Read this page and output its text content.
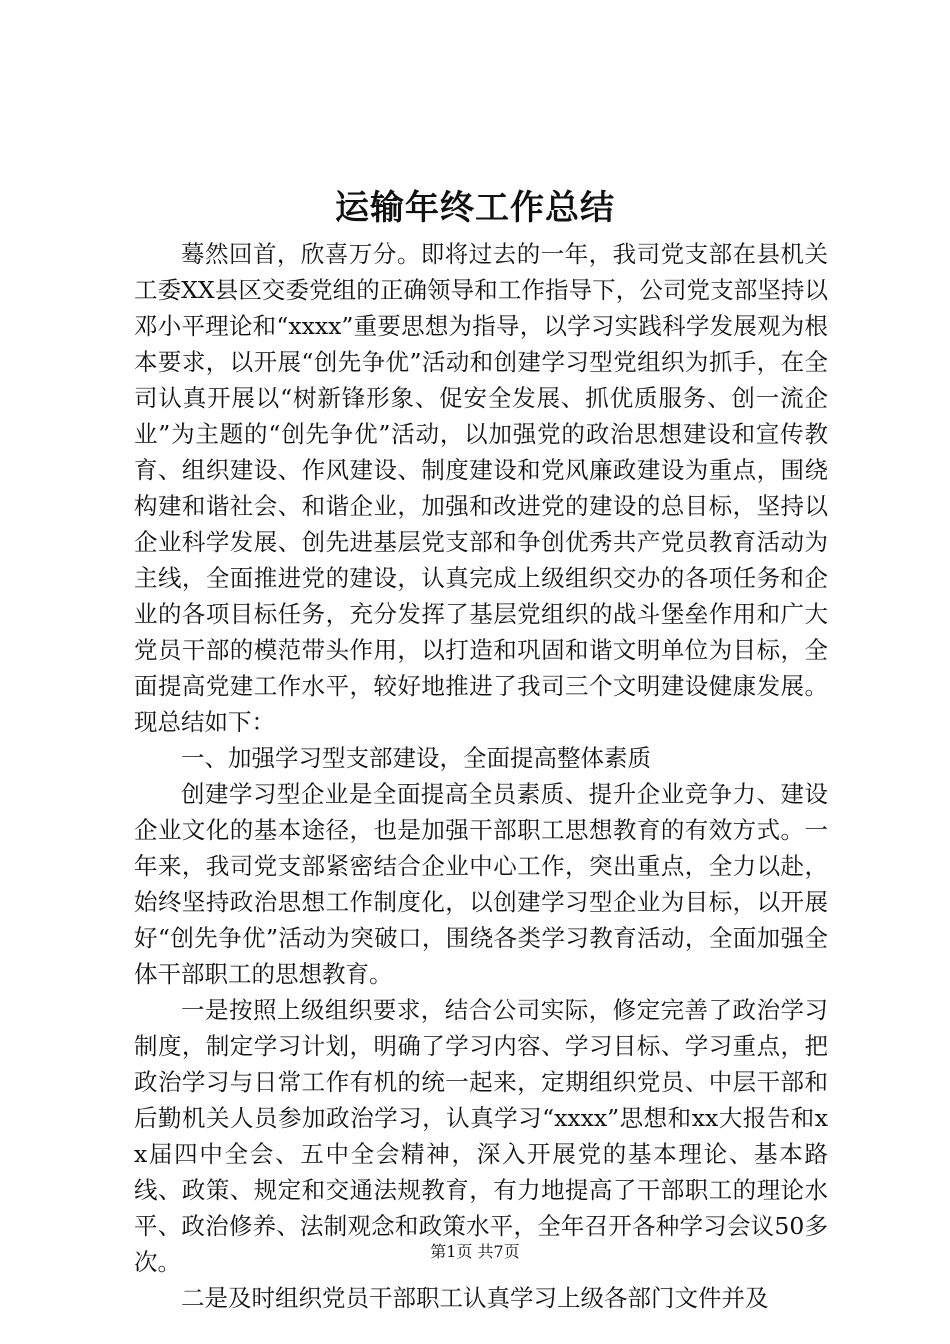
运输年终工作总结

蓦然回首，欣喜万分。即将过去的一年，我司党支部在县机关工委XX县区交委党组的正确领导和工作指导下，公司党支部坚持以邓小平理论和“xxxx”重要思想为指导，以学习实践科学发展观为根本要求，以开展“创先争优”活动和创建学习型党组织为抓手，在全司认真开展以“树新锋形象、促安全发展、抓优质服务、创一流企业”为主题的“创先争优”活动，以加强党的政治思想建设和宣传教育、组织建设、作风建设、制度建设和党风廉政建设为重点，围绕构建和谐社会、和谐企业，加强和改进党的建设的总目标，坚持以企业科学发展、创先进基层党支部和争创优秀共产党员教育活动为主线，全面推进党的建设，认真完成上级组织交办的各项任务和企业的各项目标任务，充分发挥了基层党组织的战斗堡垒作用和广大党员干部的模范带头作用，以打造和巩固和谐文明单位为目标，全面提高党建工作水平，较好地推进了我司三个文明建设健康发展。现总结如下：

一、加强学习型支部建设，全面提高整体素质

创建学习型企业是全面提高全员素质、提升企业竞争力、建设企业文化的基本途径，也是加强干部职工思想教育的有效方式。一年来，我司党支部紧密结合企业中心工作，突出重点，全力以赴，始终坚持政治思想工作制度化，以创建学习型企业为目标，以开展好“创先争优”活动为突破口，围绕各类学习教育活动，全面加强全体干部职工的思想教育。

一是按照上级组织要求，结合公司实际，修定完善了政治学习制度，制定学习计划，明确了学习内容、学习目标、学习重点，把政治学习与日常工作有机的统一起来，定期组织党员、中层干部和后勤机关人员参加政治学习，认真学习“xxxx”思想和xx大报告和xx届四中全会、五中全会精神，深入开展党的基本理论、基本路线、政策、规定和交通法规教育，有力地提高了干部职工的理论水平、政治修养、法制观念和政策水平，全年召开各种学习会议50多次。

二是及时组织党员干部职工认真学习上级各部门文件并及

第1页 共7页
